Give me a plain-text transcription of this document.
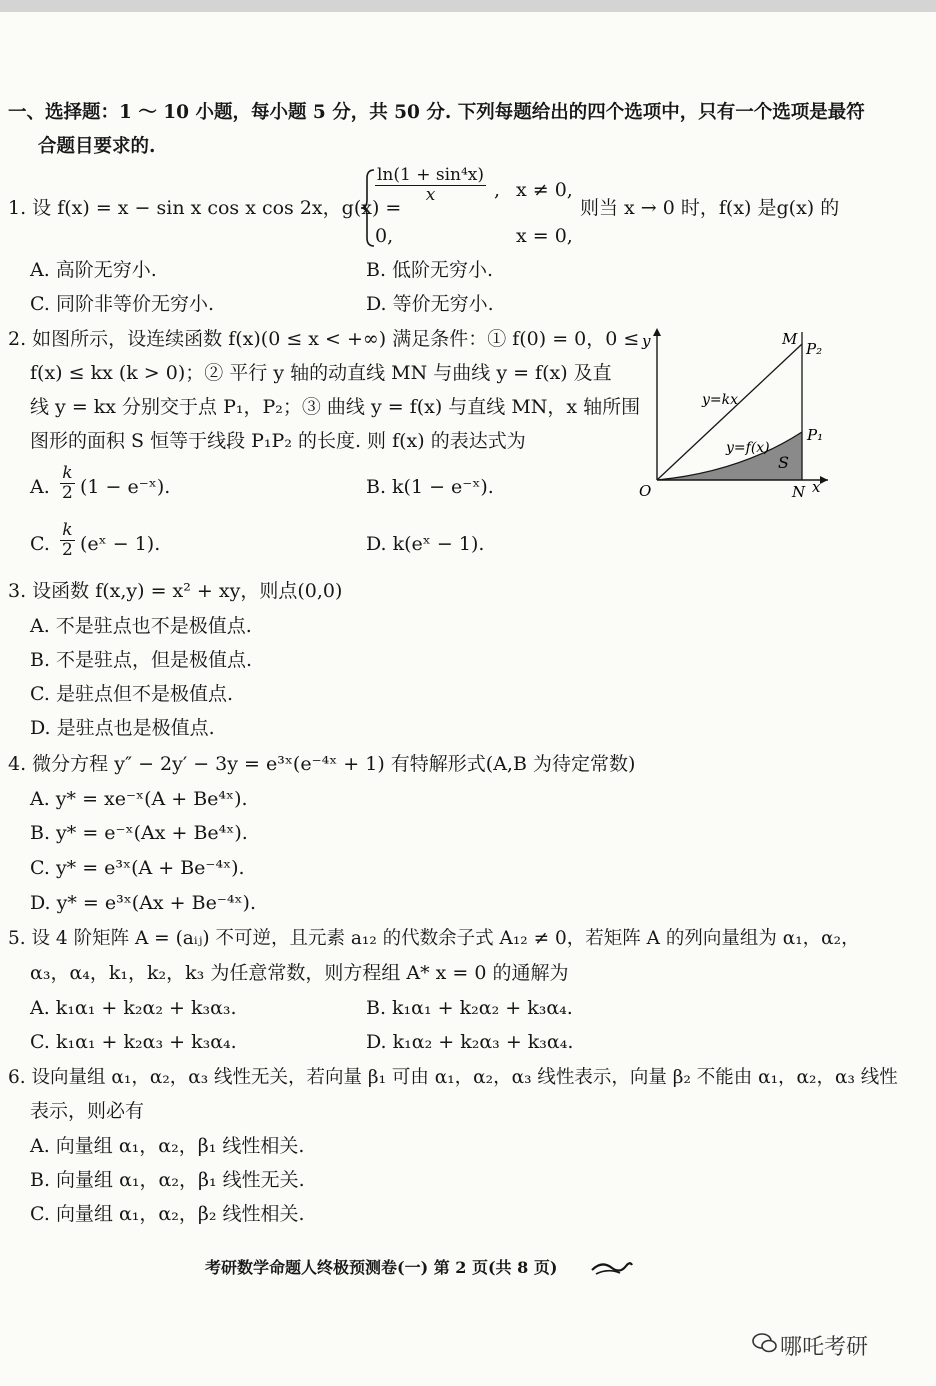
一、选择题：1 ～ 10 小题，每小题 5 分，共 50 分. 下列每题给出的四个选项中，只有一个选项是最符
合题目要求的.
1. 设 f(x) = x − sin x cos x cos 2x，g(x) =
$\frac{\text{ln(1 + sin⁴x)}}{x}$ , x ≠ 0,
0,	x = 0,
则当 x → 0 时，f(x) 是g(x) 的
A. 高阶无穷小.	B. 低阶无穷小.
C. 同阶非等价无穷小.	D. 等价无穷小.
2. 如图所示，设连续函数 f(x)(0 ≤ x < +∞) 满足条件：① f(0) = 0，0 ≤
f(x) ≤ kx (k > 0)；② 平行 y 轴的动直线 MN 与曲线 y = f(x) 及直
线 y = kx 分别交于点 P₁，P₂；③ 曲线 y = f(x) 与直线 MN，x 轴所围
图形的面积 S 恒等于线段 P₁P₂ 的长度. 则 f(x) 的表达式为
A. $\frac{k}{2} (1$ − e⁻ˣ).	B. k(1 − e⁻ˣ).
C. $\frac{k}{2}$ (eˣ − 1).	D. k(eˣ − 1).
y	M
P₂
y=kx
y=f(x)
P₁
S
O	N x
3. 设函数 f(x,y) = x² + xy，则点(0,0)
A. 不是驻点也不是极值点.
B. 不是驻点，但是极值点.
C. 是驻点但不是极值点.
D. 是驻点也是极值点.
4. 微分方程 y″ − 2y′ − 3y = e³ˣ(e⁻⁴ˣ + 1) 有特解形式(A,B 为待定常数)
A. y* = xe⁻ˣ(A + Be⁴ˣ).
B. y* = e⁻ˣ(Ax + Be⁴ˣ).
C. y* = e³ˣ(A + Be⁻⁴ˣ).
D. y* = e³ˣ(Ax + Be⁻⁴ˣ).
5. 设 4 阶矩阵 A = (aᵢⱼ) 不可逆，且元素 a₁₂ 的代数余子式 A₁₂ ≠ 0，若矩阵 A 的列向量组为 α₁，α₂，
α₃，α₄，k₁，k₂，k₃ 为任意常数，则方程组 A* x = 0 的通解为
A. k₁α₁ + k₂α₂ + k₃α₃.	B. k₁α₁ + k₂α₂ + k₃α₄.
C. k₁α₁ + k₂α₃ + k₃α₄.	D. k₁α₂ + k₂α₃ + k₃α₄.
6. 设向量组 α₁，α₂，α₃ 线性无关，若向量 β₁ 可由 α₁，α₂，α₃ 线性表示，向量 β₂ 不能由 α₁，α₂，α₃ 线性
表示，则必有
A. 向量组 α₁，α₂，β₁ 线性相关.
B. 向量组 α₁，α₂，β₁ 线性无关.
C. 向量组 α₁，α₂，β₂ 线性相关.
考研数学命题人终极预测卷(一) 第 2 页(共 8 页)
哪吒考研
